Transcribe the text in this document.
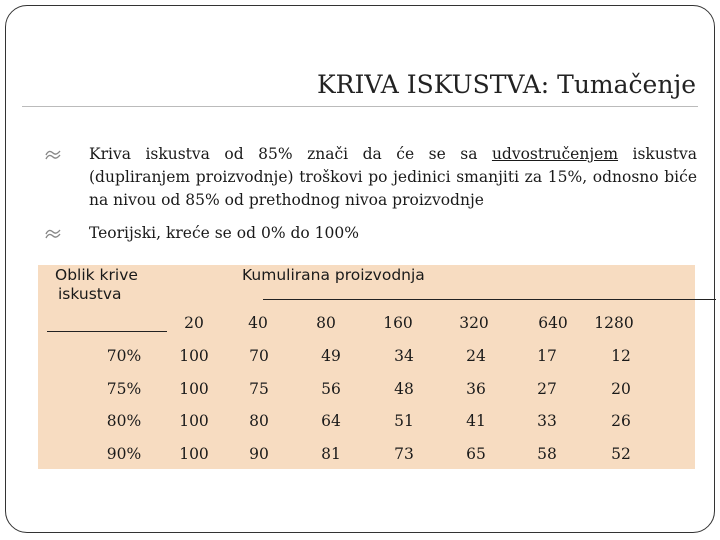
KRIVA ISKUSTVA: Tumačenje
Kriva iskustva od 85% znači da će se sa udvostručenjem iskustva (dupliranjem proizvodnje) troškovi po jedinici smanjiti za 15%, odnosno biće na nivou od 85% od prethodnog nivoa proizvodnje
Teorijski, kreće se od 0% do 100%
Oblik krive
iskustva
Kumulirana proizvodnja
20	40	80	160	320	640 1280
70% 100	70	49	34	24	17	12
75% 100	75	56	48	36	27	20
80% 100	80	64	51	41	33	26
90% 100	90	81	73	65	58	52
